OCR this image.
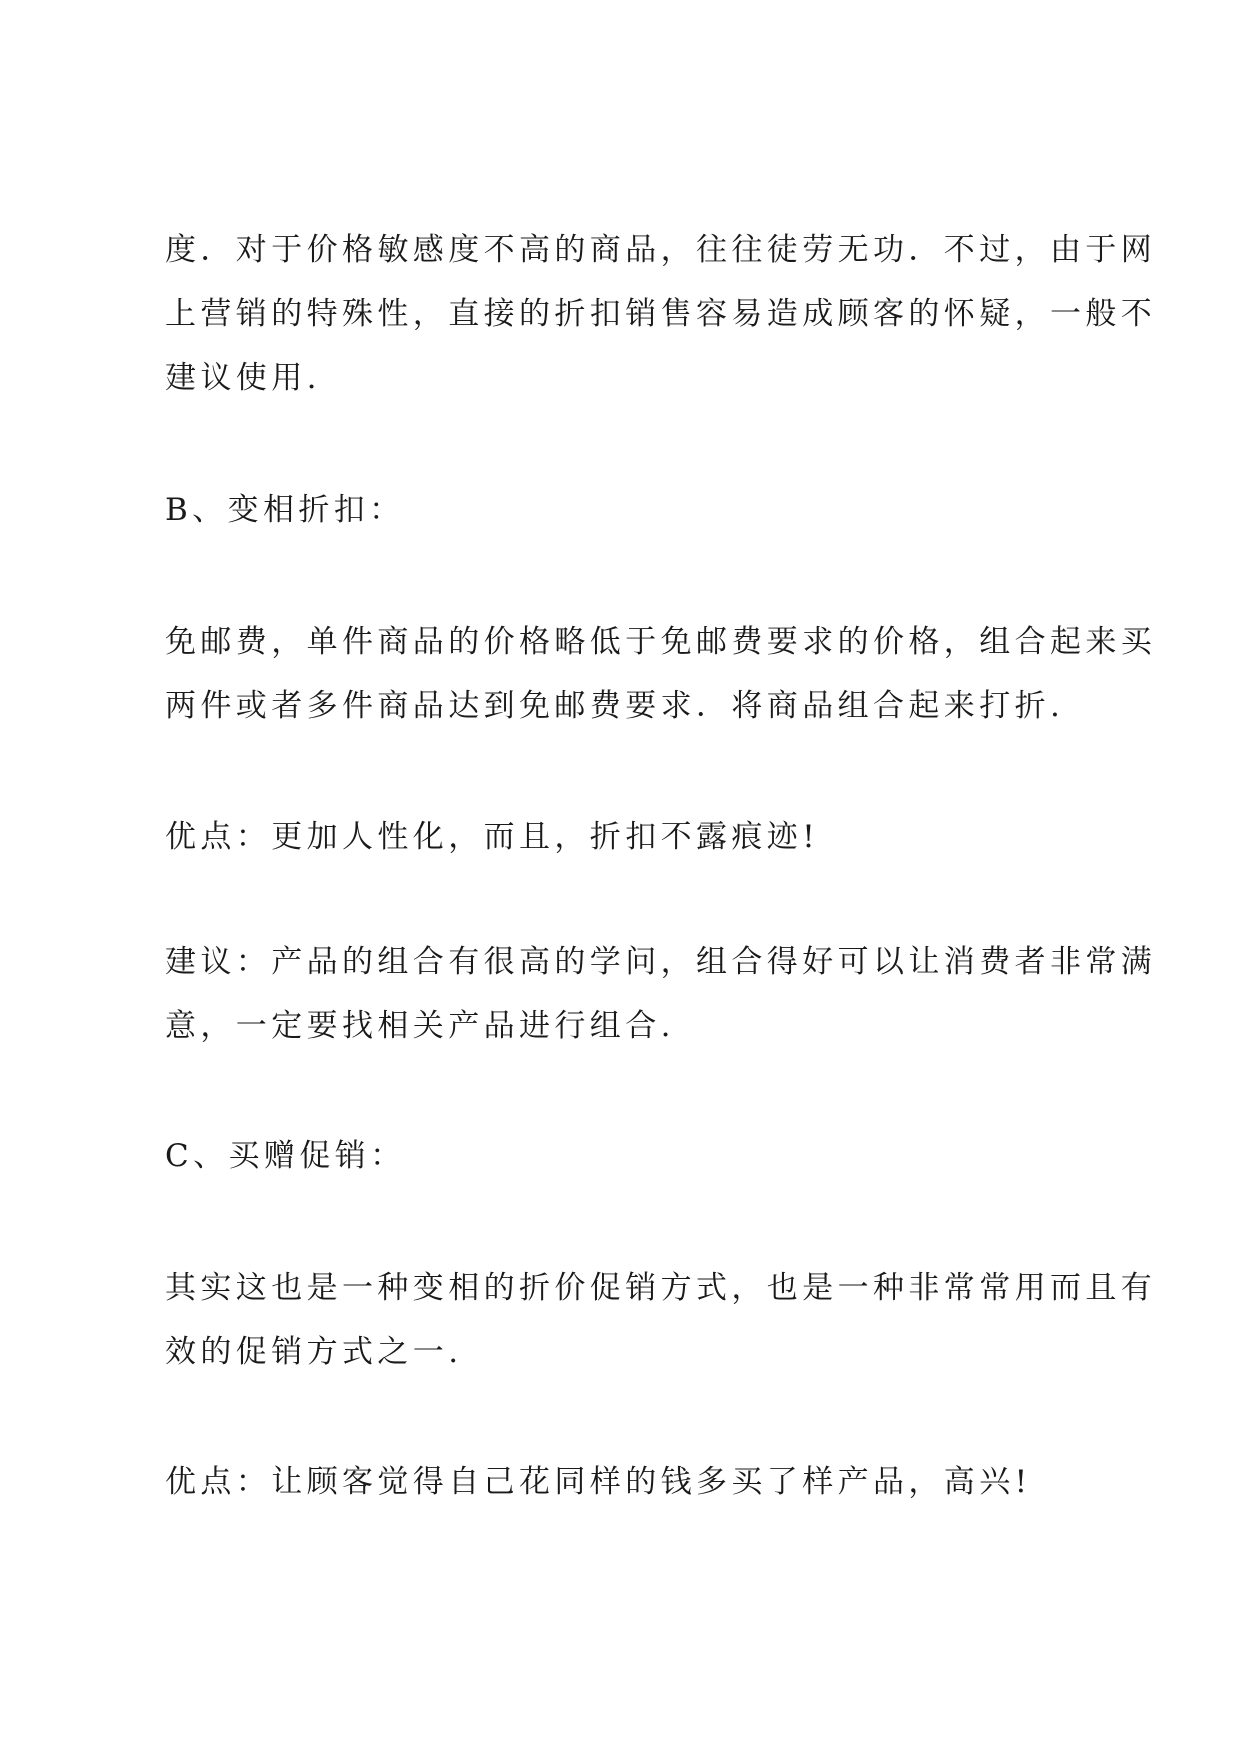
度．对于价格敏感度不高的商品，往往徒劳无功．不过，由于网
上营销的特殊性，直接的折扣销售容易造成顾客的怀疑，一般不
建议使用.

B、变相折扣：

免邮费，单件商品的价格略低于免邮费要求的价格，组合起来买
两件或者多件商品达到免邮费要求．将商品组合起来打折.

优点：更加人性化，而且，折扣不露痕迹!

建议：产品的组合有很高的学问，组合得好可以让消费者非常满
意，一定要找相关产品进行组合.

C、买赠促销：

其实这也是一种变相的折价促销方式，也是一种非常常用而且有
效的促销方式之一.

优点：让顾客觉得自己花同样的钱多买了样产品，高兴!
